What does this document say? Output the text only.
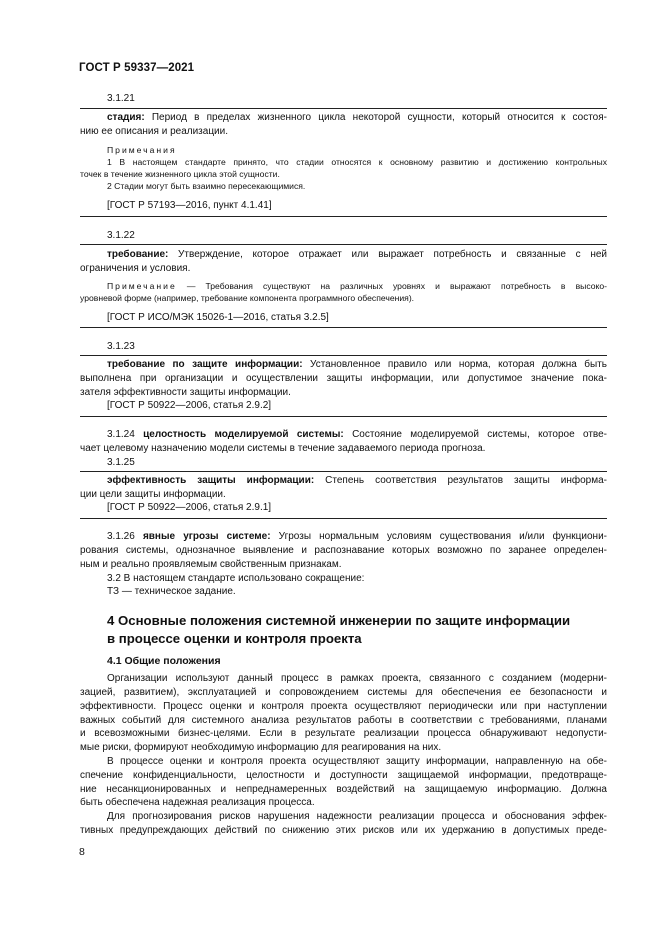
ГОСТ Р 59337—2021
3.1.21
стадия: Период в пределах жизненного цикла некоторой сущности, который относится к состоя-
нию ее описания и реализации.
Примечания
1 В настоящем стандарте принято, что стадии относятся к основному развитию и достижению контрольных
точек в течение жизненного цикла этой сущности.
2 Стадии могут быть взаимно пересекающимися.
[ГОСТ Р 57193—2016, пункт 4.1.41]
3.1.22
требование: Утверждение, которое отражает или выражает потребность и связанные с ней
ограничения и условия.
Примечание — Требования существуют на различных уровнях и выражают потребность в высоко-
уровневой форме (например, требование компонента программного обеспечения).
[ГОСТ Р ИСО/МЭК 15026-1—2016, статья 3.2.5]
3.1.23
требование по защите информации: Установленное правило или норма, которая должна быть
выполнена при организации и осуществлении защиты информации, или допустимое значение пока-
зателя эффективности защиты информации.
[ГОСТ Р 50922—2006, статья 2.9.2]
3.1.24 целостность моделируемой системы: Состояние моделируемой системы, которое отве-
чает целевому назначению модели системы в течение задаваемого периода прогноза.
3.1.25
эффективность защиты информации: Степень соответствия результатов защиты информа-
ции цели защиты информации.
[ГОСТ Р 50922—2006, статья 2.9.1]
3.1.26 явные угрозы системе: Угрозы нормальным условиям существования и/или функциони-
рования системы, однозначное выявление и распознавание которых возможно по заранее определен-
ным и реально проявляемым свойственным признакам.
3.2 В настоящем стандарте использовано сокращение:
ТЗ — техническое задание.
4 Основные положения системной инженерии по защите информации
в процессе оценки и контроля проекта
4.1 Общие положения
Организации используют данный процесс в рамках проекта, связанного с созданием (модерни-
зацией, развитием), эксплуатацией и сопровождением системы для обеспечения ее безопасности и
эффективности. Процесс оценки и контроля проекта осуществляют периодически или при наступлении
важных событий для системного анализа результатов работы в соответствии с требованиями, планами
и всевозможными бизнес-целями. Если в результате реализации процесса обнаруживают недопусти-
мые риски, формируют необходимую информацию для реагирования на них.
В процессе оценки и контроля проекта осуществляют защиту информации, направленную на обе-
спечение конфиденциальности, целостности и доступности защищаемой информации, предотвраще-
ние несанкционированных и непреднамеренных воздействий на защищаемую информацию. Должна
быть обеспечена надежная реализация процесса.
Для прогнозирования рисков нарушения надежности реализации процесса и обоснования эффек-
тивных предупреждающих действий по снижению этих рисков или их удержанию в допустимых преде-
8
